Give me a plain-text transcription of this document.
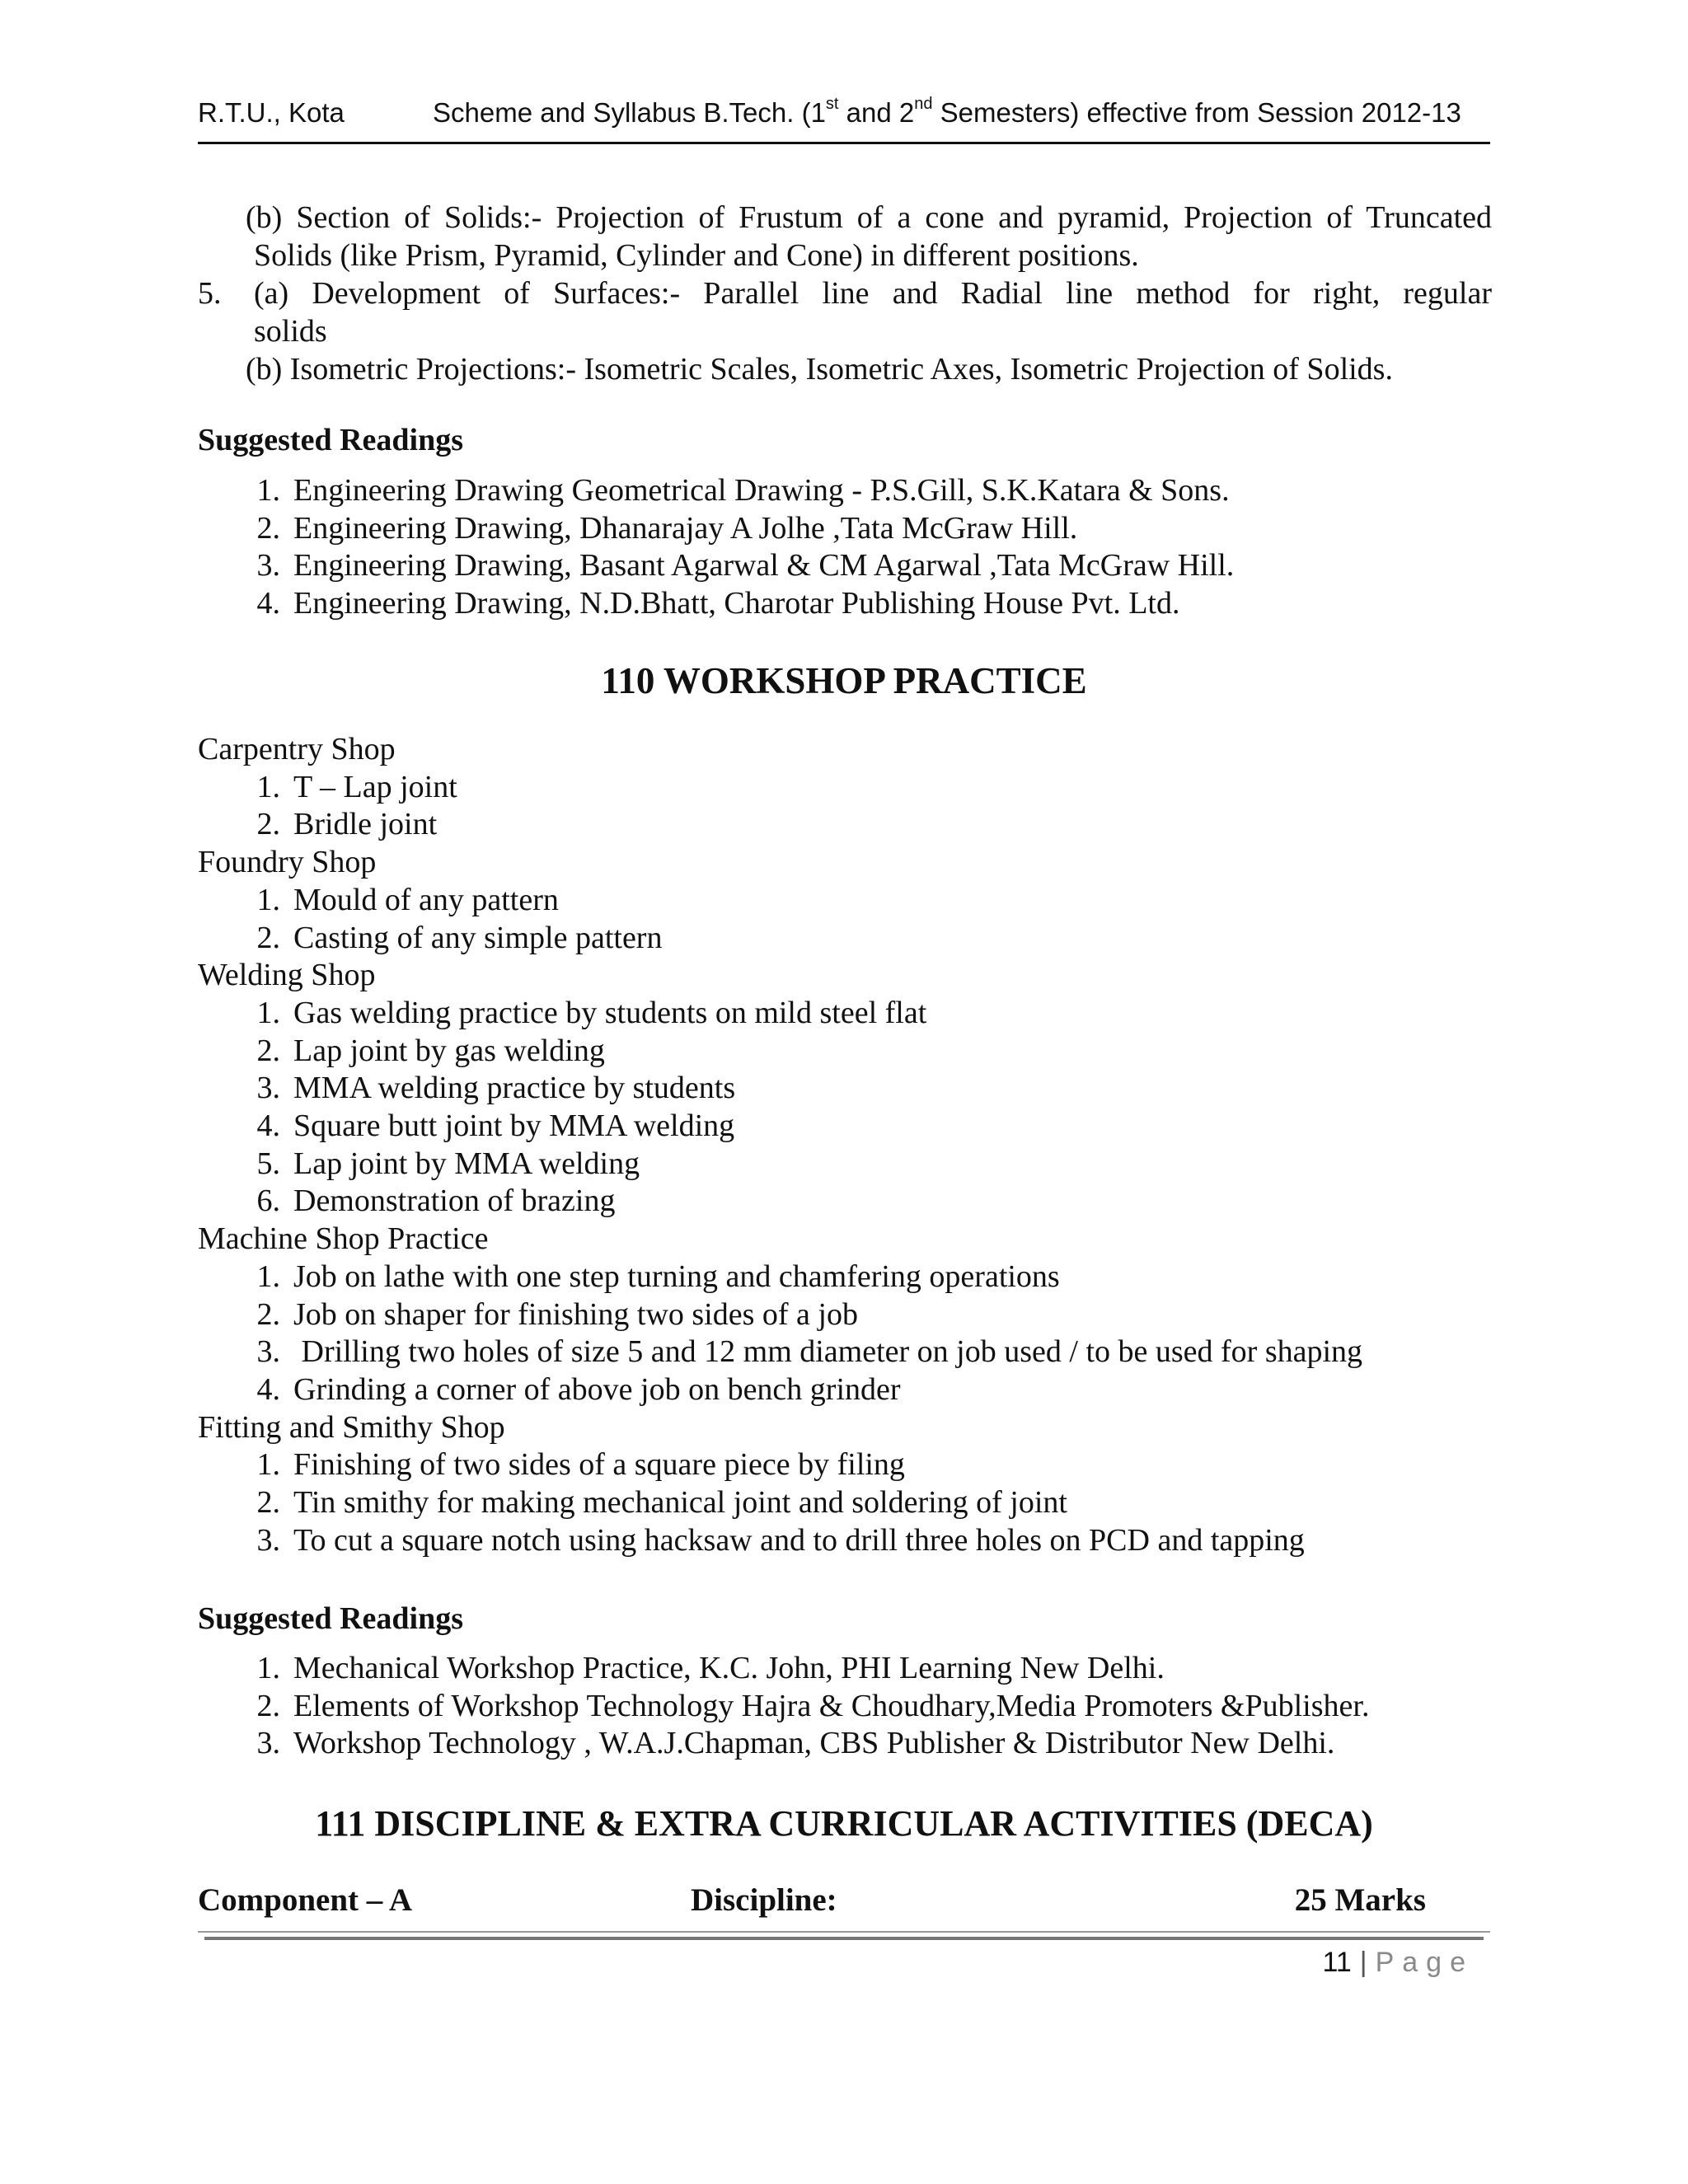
R.T.U., Kota	Scheme and Syllabus B.Tech. (1st and 2nd Semesters) effective from Session 2012-13
(b) Section of Solids:- Projection of Frustum of a cone and pyramid, Projection of Truncated
Solids (like Prism, Pyramid, Cylinder and Cone) in different positions.
5. (a) Development of Surfaces:- Parallel line and Radial line method for right, regular
solids
(b) Isometric Projections:- Isometric Scales, Isometric Axes, Isometric Projection of Solids.
Suggested Readings
1. Engineering Drawing Geometrical Drawing - P.S.Gill, S.K.Katara & Sons.
2. Engineering Drawing, Dhanarajay A Jolhe ,Tata McGraw Hill.
3. Engineering Drawing, Basant Agarwal & CM Agarwal ,Tata McGraw Hill.
4. Engineering Drawing, N.D.Bhatt, Charotar Publishing House Pvt. Ltd.
110 WORKSHOP PRACTICE
Carpentry Shop
1. T – Lap joint
2. Bridle joint
Foundry Shop
1. Mould of any pattern
2. Casting of any simple pattern
Welding Shop
1. Gas welding practice by students on mild steel flat
2. Lap joint by gas welding
3. MMA welding practice by students
4. Square butt joint by MMA welding
5. Lap joint by MMA welding
6. Demonstration of brazing
Machine Shop Practice
1. Job on lathe with one step turning and chamfering operations
2. Job on shaper for finishing two sides of a job
3. Drilling two holes of size 5 and 12 mm diameter on job used / to be used for shaping
4. Grinding a corner of above job on bench grinder
Fitting and Smithy Shop
1. Finishing of two sides of a square piece by filing
2. Tin smithy for making mechanical joint and soldering of joint
3. To cut a square notch using hacksaw and to drill three holes on PCD and tapping
Suggested Readings
1. Mechanical Workshop Practice, K.C. John, PHI Learning New Delhi.
2. Elements of Workshop Technology Hajra & Choudhary,Media Promoters &Publisher.
3. Workshop Technology , W.A.J.Chapman, CBS Publisher & Distributor New Delhi.
111 DISCIPLINE & EXTRA CURRICULAR ACTIVITIES (DECA)
Component – A	Discipline:	25 Marks
11 | Page
